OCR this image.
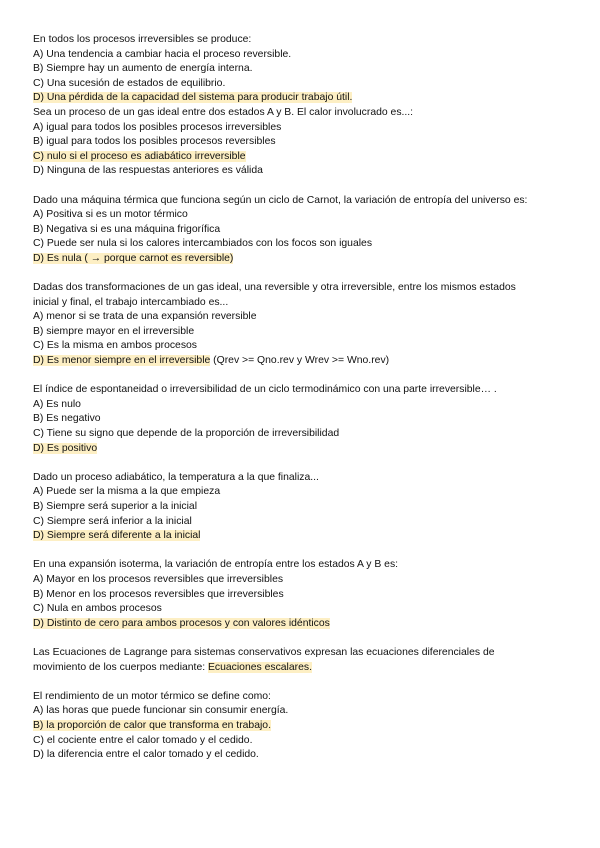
En todos los procesos irreversibles se produce:
A) Una tendencia a cambiar hacia el proceso reversible.
B) Siempre hay un aumento de energía interna.
C) Una sucesión de estados de equilibrio.
D) Una pérdida de la capacidad del sistema para producir trabajo útil.
Sea un proceso de un gas ideal entre dos estados A y B. El calor involucrado es...:
A) igual para todos los posibles procesos irreversibles
B) igual para todos los posibles procesos reversibles
C) nulo si el proceso es adiabático irreversible
D) Ninguna de las respuestas anteriores es válida
Dado una máquina térmica que funciona según un ciclo de Carnot, la variación de entropía del universo es:
A) Positiva si es un motor térmico
B) Negativa si es una máquina frigorífica
C) Puede ser nula si los calores intercambiados con los focos son iguales
D) Es nula ( → porque carnot es reversible)
Dadas dos transformaciones de un gas ideal, una reversible y otra irreversible, entre los mismos estados
inicial y final, el trabajo intercambiado es...
A) menor si se trata de una expansión reversible
B) siempre mayor en el irreversible
C) Es la misma en ambos procesos
D) Es menor siempre en el irreversible (Qrev >= Qno.rev y Wrev >= Wno.rev)
El índice de espontaneidad o irreversibilidad de un ciclo termodinámico con una parte irreversible… .
A) Es nulo
B) Es negativo
C) Tiene su signo que depende de la proporción de irreversibilidad
D) Es positivo
Dado un proceso adiabático, la temperatura a la que finaliza...
A) Puede ser la misma a la que empieza
B) Siempre será superior a la inicial
C) Siempre será inferior a la inicial
D) Siempre será diferente a la inicial
En una expansión isoterma, la variación de entropía entre los estados A y B es:
A) Mayor en los procesos reversibles que irreversibles
B) Menor en los procesos reversibles que irreversibles
C) Nula en ambos procesos
D) Distinto de cero para ambos procesos y con valores idénticos
Las Ecuaciones de Lagrange para sistemas conservativos expresan las ecuaciones diferenciales de
movimiento de los cuerpos mediante: Ecuaciones escalares.
El rendimiento de un motor térmico se define como:
A) las horas que puede funcionar sin consumir energía.
B) la proporción de calor que transforma en trabajo.
C) el cociente entre el calor tomado y el cedido.
D) la diferencia entre el calor tomado y el cedido.
